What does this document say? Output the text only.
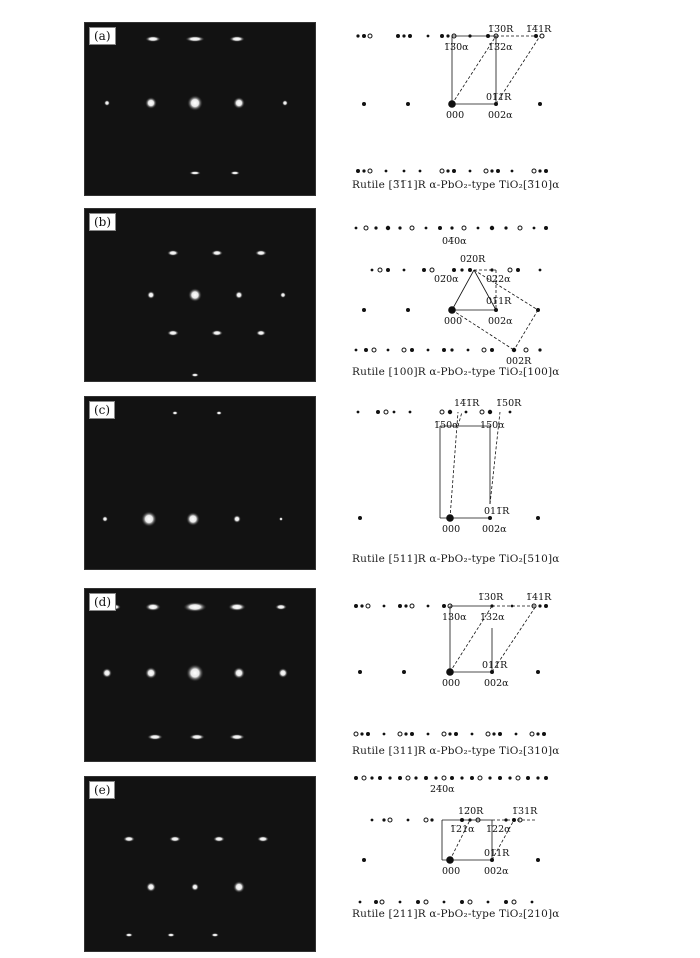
(a)	1̅3̅0R 1̅4̅1R
1̅3̅0α 1̅3̅2α
01̅1R
000	002α
Rutile [3̅1̅1]R α-PbO₂-type TiO₂[3̅10]α
(b)
04̅0α
02̅0R
02̅0α	022α
01̅1R
000	002α
002R
Rutile [100]R α-PbO₂-type TiO₂[100]α
(c)	14̅1̅R 1̅50R
1̅50α 15̅0α
011̅R
000 002α
Rutile [511]R α-PbO₂-type TiO₂[510]α
(d)	1̅30R 1̅41R
130α 1̅32α
011R
000	002α
Rutile [311]R α-PbO₂-type TiO₂[310]α
(e)	24̅0α
12̅0R	1̅31R
1̅21α 1̅22α
01̅1R
000	002α
Rutile [211]R α-PbO₂-type TiO₂[210]α
